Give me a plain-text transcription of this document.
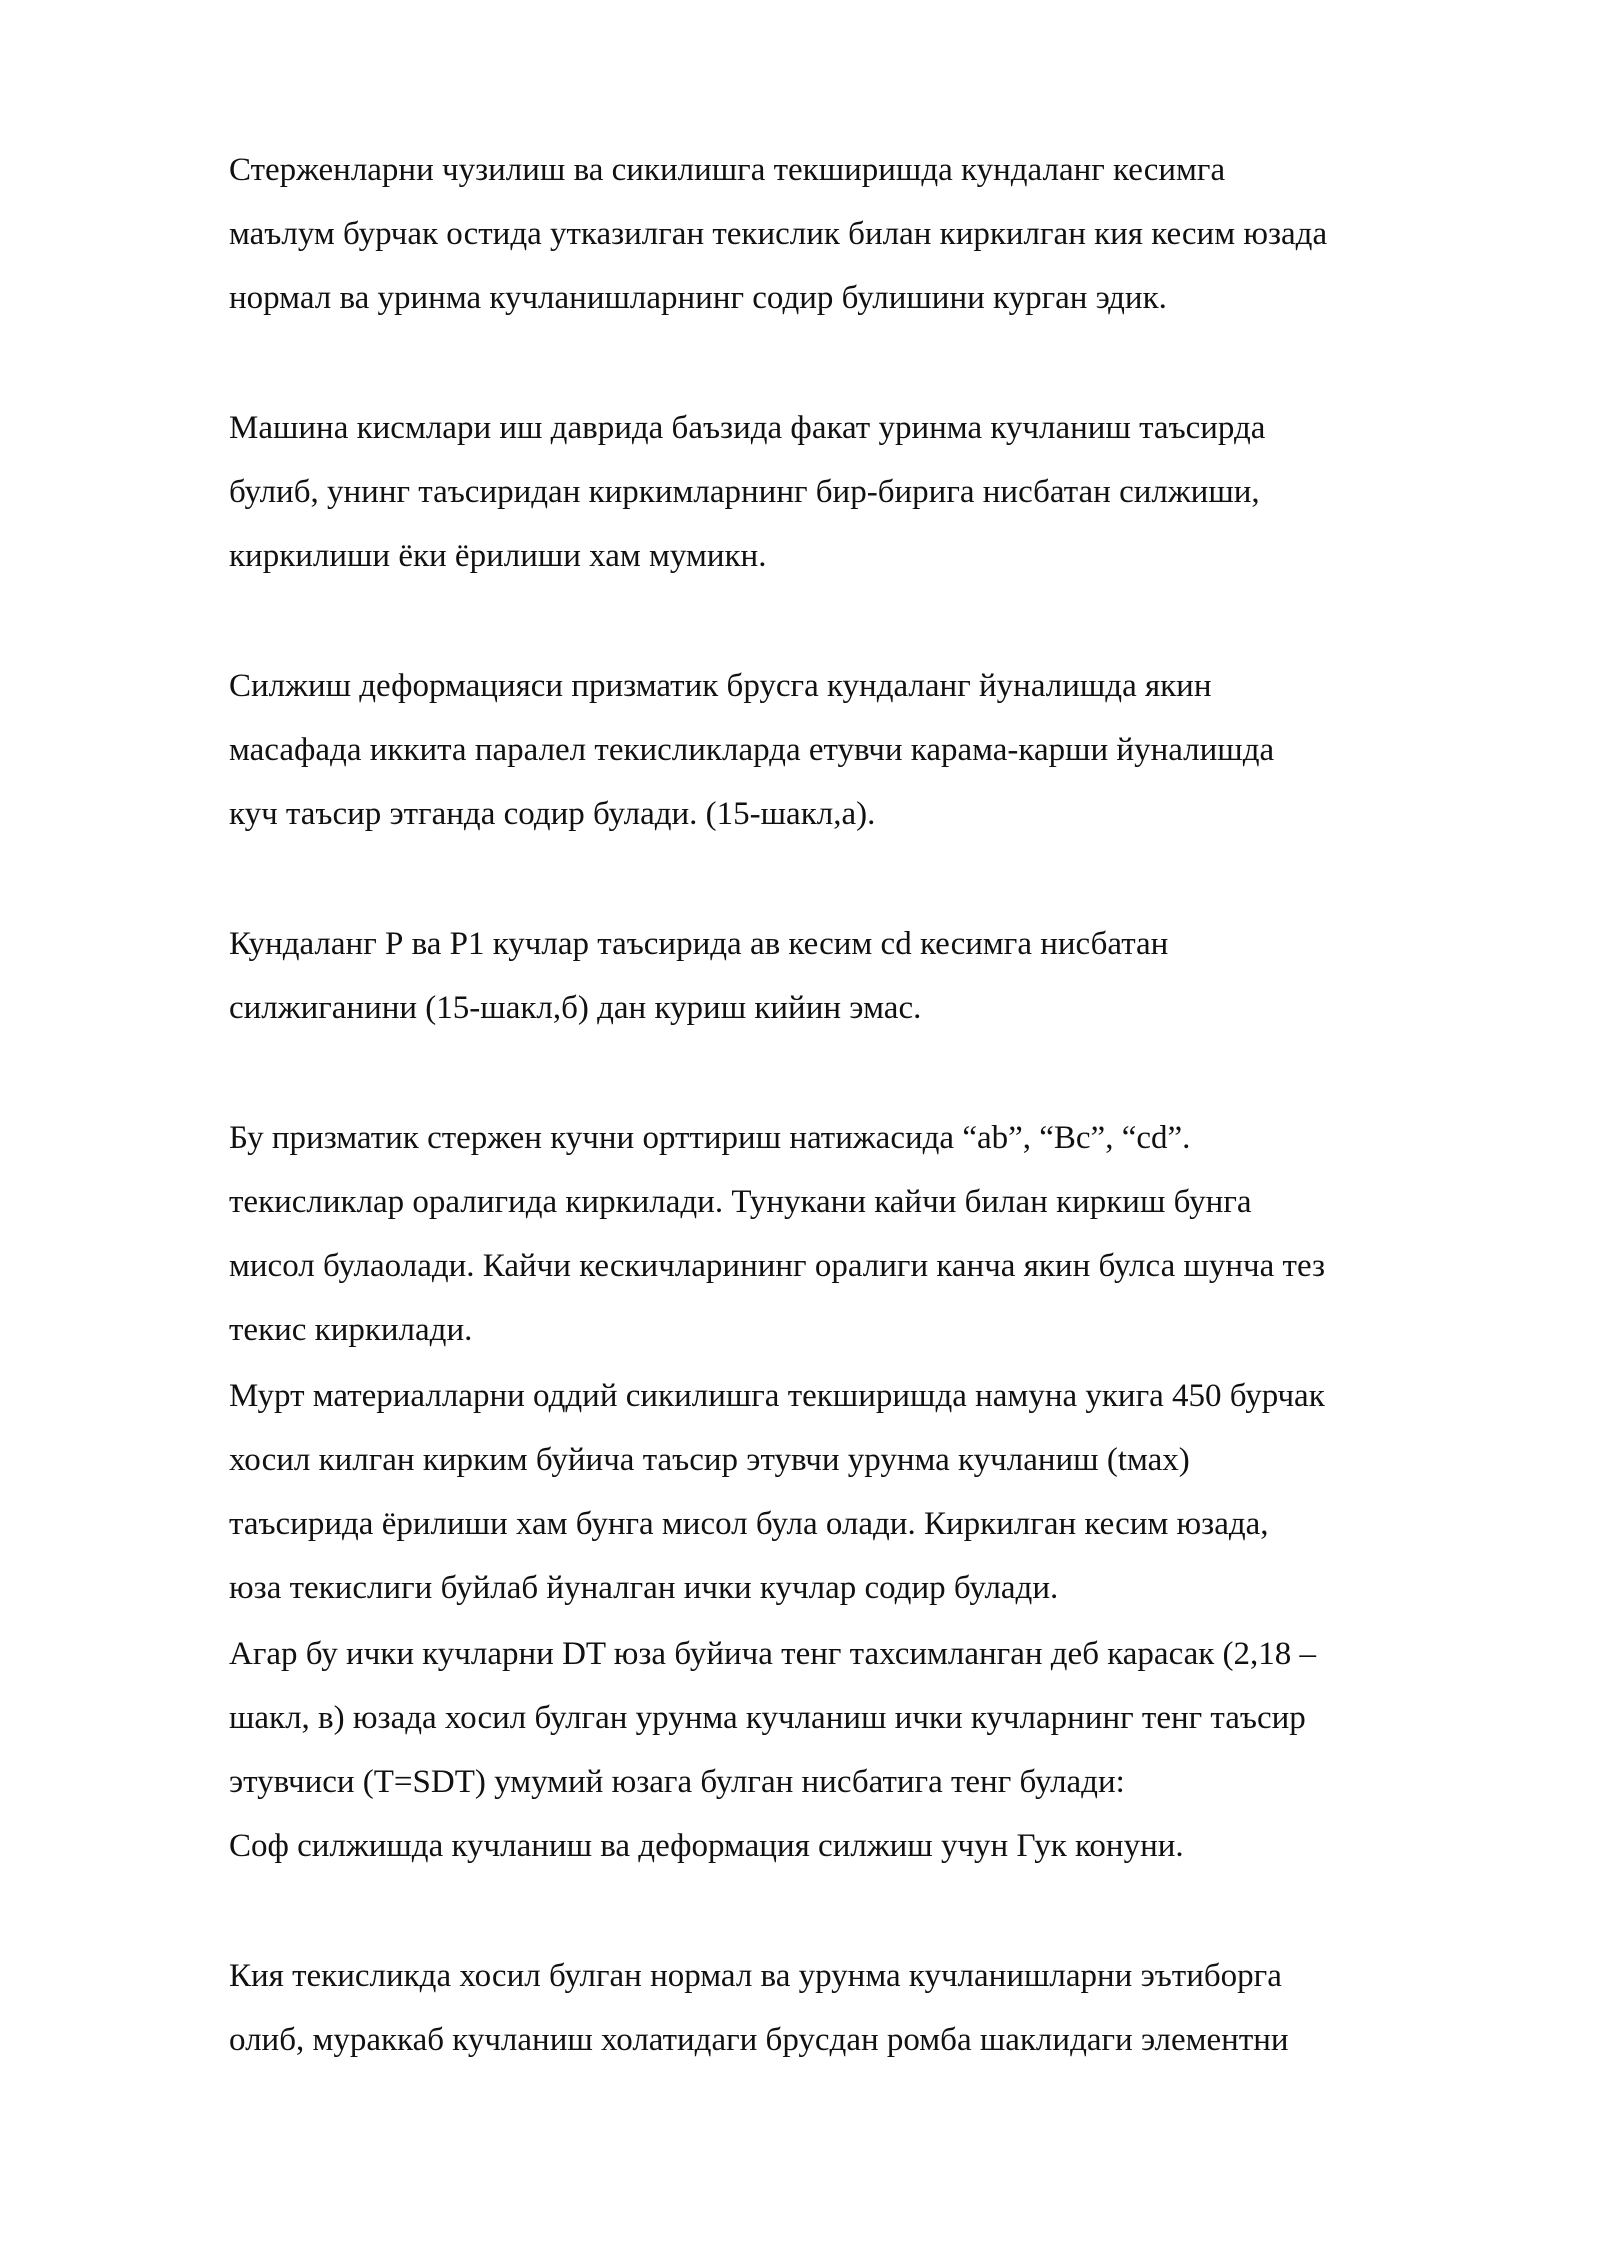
Стерженларни чузилиш ва сикилишга текширишда кундаланг кесимга
маълум бурчак остида утказилган текислик билан киркилган кия кесим юзада
нормал ва уринма кучланишларнинг содир булишини курган эдик.
Машина кисмлари иш даврида баъзида факат уринма кучланиш таъсирда
булиб, унинг таъсиридан киркимларнинг бир-бирига нисбатан силжиши,
киркилиши ёки ёрилиши хам мумикн.
Силжиш деформацияси призматик брусга кундаланг йуналишда якин
масафада иккита паралел текисликларда етувчи карама-карши йуналишда
куч таъсир этганда содир булади. (15-шакл,а).
Кундаланг Р ва Р1 кучлар таъсирида ав кесим cd кесимга нисбатан
силжиганини (15-шакл,б) дан куриш кийин эмас.
Бу призматик стержен кучни орттириш натижасида “ab”, “Bc”, “cd”.
текисликлар оралигида киркилади. Тунукани кайчи билан киркиш бунга
мисол булаолади. Кайчи кескичларининг оралиги канча якин булса шунча тез
текис киркилади.
Мурт материалларни оддий сикилишга текширишда намуна укига 450 бурчак
хосил килган кирким буйича таъсир этувчи урунма кучланиш (tмах)
таъсирида ёрилиши хам бунга мисол була олади. Киркилган кесим юзада,
юза текислиги буйлаб йуналган ички кучлар содир булади.
Агар бу ички кучларни DT юза буйича тенг тахсимланган деб карасак (2,18 –
шакл, в) юзада хосил булган урунма кучланиш ички кучларнинг тенг таъсир
этувчиси (Т=SDT) умумий юзага булган нисбатига тенг булади:
Соф силжишда кучланиш ва деформация силжиш учун Гук конуни.
Кия текисликда хосил булган нормал ва урунма кучланишларни эътиборга
олиб, мураккаб кучланиш холатидаги брусдан ромба шаклидаги элементни
